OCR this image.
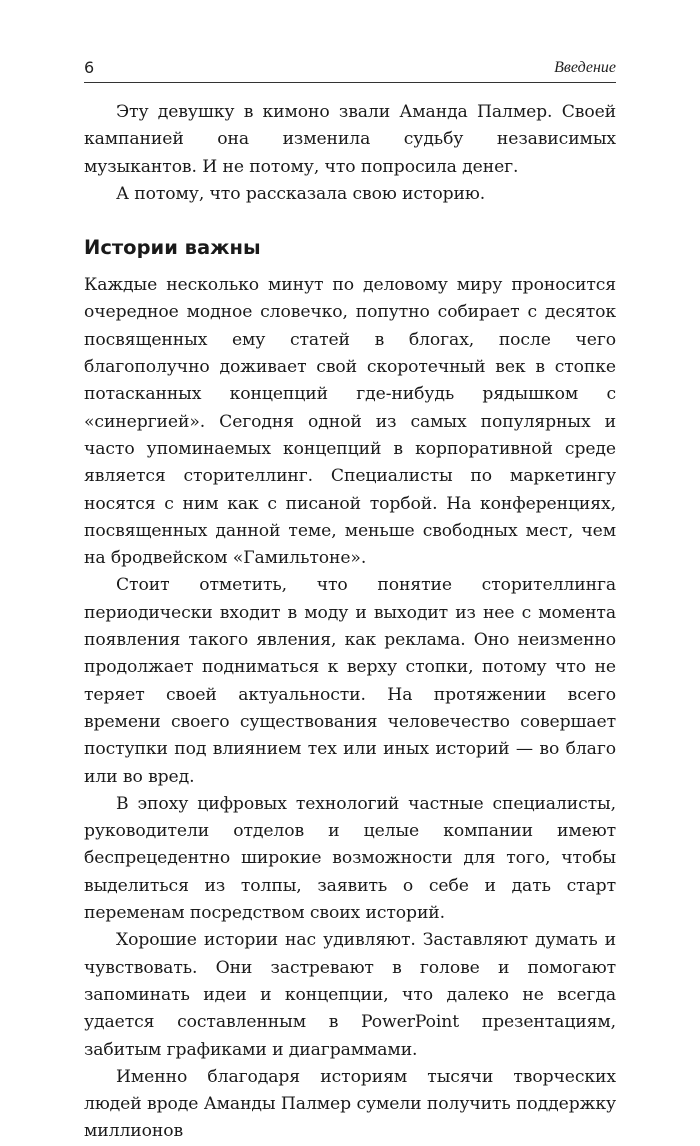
6	Введение

Эту девушку в кимоно звали Аманда Палмер. Своей кампанией она изменила судьбу независимых музыкантов. И не потому, что попросила денег.

А потому, что рассказала свою историю.

Истории важны

Каждые несколько минут по деловому миру проносится очередное модное словечко, попутно собирает с десяток посвященных ему статей в блогах, после чего благополучно доживает свой скоротечный век в стопке потасканных концепций где-нибудь рядышком с «синергией». Сегодня одной из самых популярных и часто упоминаемых концепций в корпоративной среде является сторителлинг. Специалисты по маркетингу носятся с ним как с писаной торбой. На конференциях, посвященных данной теме, меньше свободных мест, чем на бродвейском «Гамильтоне».

Стоит отметить, что понятие сторителлинга периодически входит в моду и выходит из нее с момента появления такого явления, как реклама. Оно неизменно продолжает подниматься к верху стопки, потому что не теряет своей актуальности. На протяжении всего времени своего существования человечество совершает поступки под влиянием тех или иных историй — во благо или во вред.

В эпоху цифровых технологий частные специалисты, руководители отделов и целые компании имеют беспрецедентно широкие возможности для того, чтобы выделиться из толпы, заявить о себе и дать старт переменам посредством своих историй.

Хорошие истории нас удивляют. Заставляют думать и чувствовать. Они застревают в голове и помогают запоминать идеи и концепции, что далеко не всегда удается составленным в PowerPoint презентациям, забитым графиками и диаграммами.

Именно благодаря историям тысячи творческих людей вроде Аманды Палмер сумели получить поддержку миллионов
